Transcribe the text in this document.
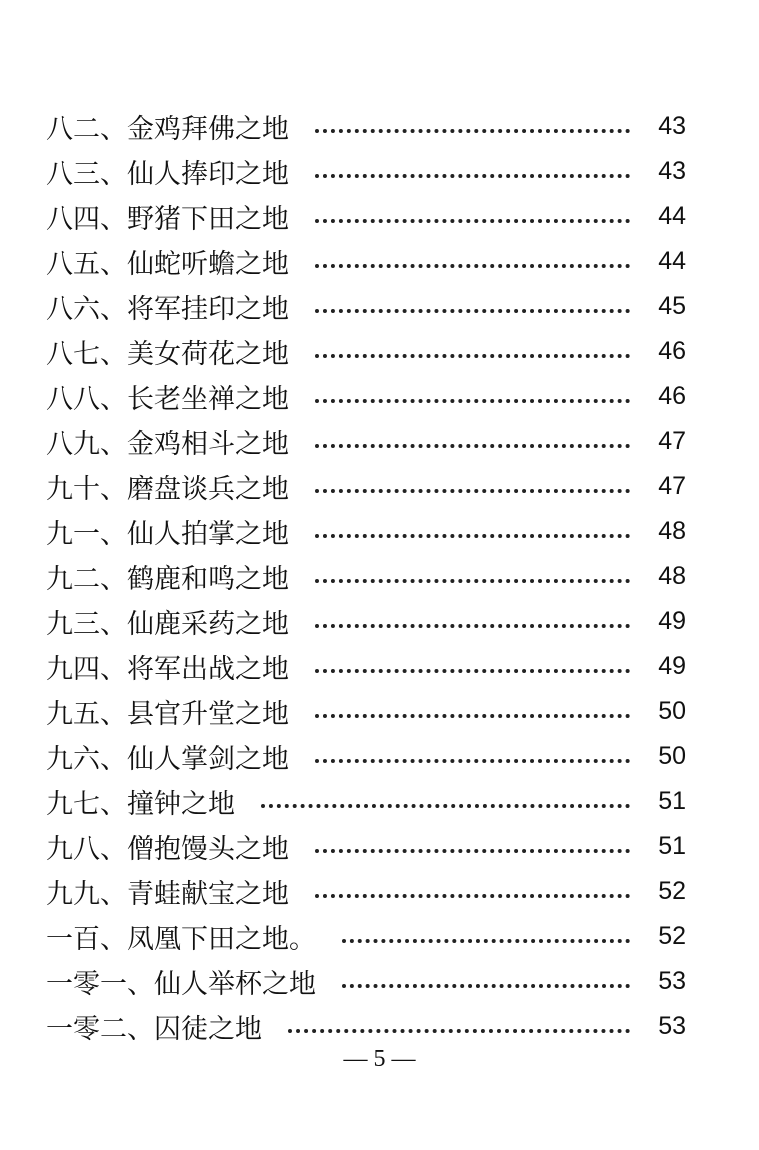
八二、 金鸡拜佛之地	43
八三、 仙人捧印之地	43
八四、 野猪下田之地	44
八五、 仙蛇听蟾之地	44
八六、 将军挂印之地	45
八七、 美女荷花之地	46
八八、 长老坐禅之地	46
八九、 金鸡相斗之地	47
九十、 磨盘谈兵之地	47
九一、 仙人拍掌之地	48
九二、 鹤鹿和鸣之地	48
九三、 仙鹿采药之地	49
九四、 将军出战之地	49
九五、 县官升堂之地	50
九六、 仙人掌剑之地	50
九七、 撞钟之地	51
九八、 僧抱馒头之地	51
九九、 青蛙献宝之地	52
一百、 凤凰下田之地。	52
一零一、 仙人举杯之地	53
一零二、 囚徒之地	53
— 5 —
